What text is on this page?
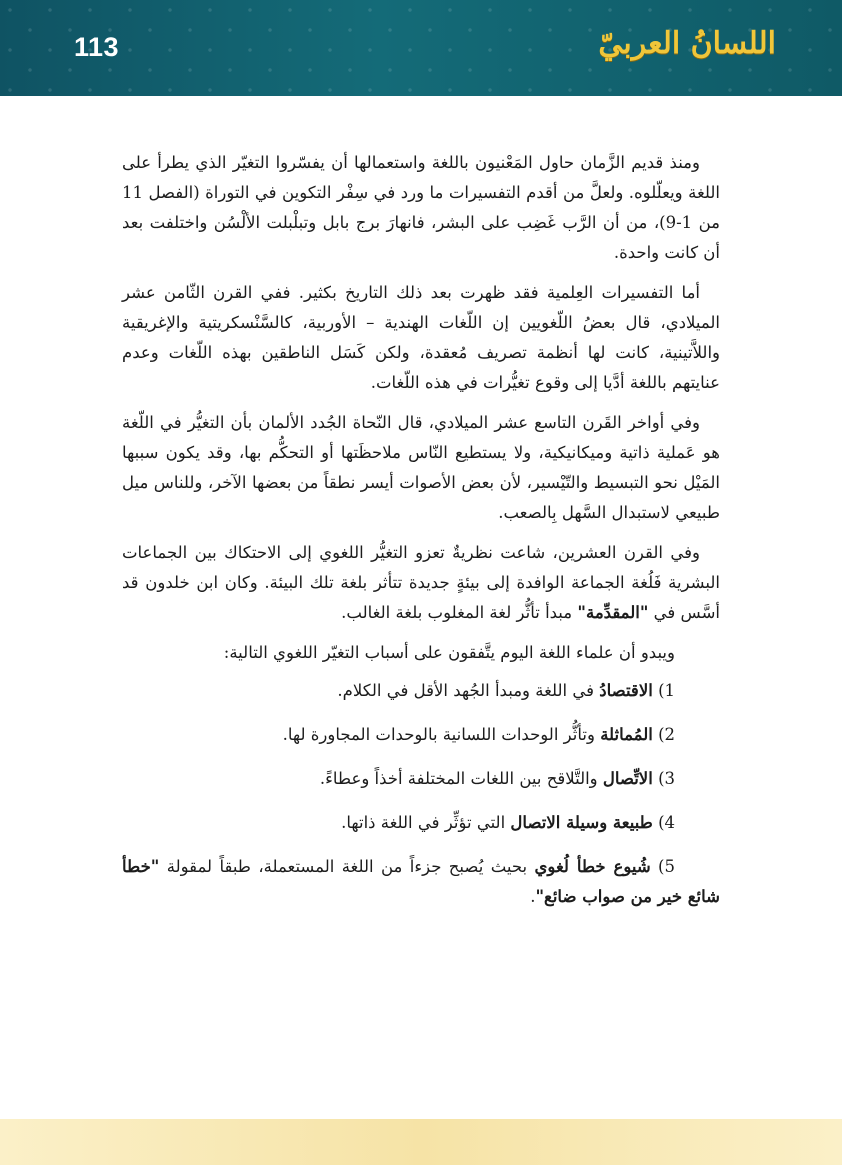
113	اللسانُ العربيّ

ومنذ قديم الزَّمان حاول المَعْنيون باللغة واستعمالها أن يفسّروا التغيّر الذي يطرأ على اللغة ويعلّلوه. ولعلَّ من أقدم التفسيرات ما ورد في سِفْر التكوين في التوراة (الفصل 11 من 1-9)، من أن الرَّب غَضِب على البشر، فانهارَ برج بابل وتبلْبلت الألْسُن واختلفت بعد أن كانت واحدة.

أما التفسيرات العِلمية فقد ظهرت بعد ذلك التاريخ بكثير. ففي القرن الثّامن عشر الميلادي، قال بعضُ اللّغويين إن اللّغات الهندية – الأوربية، كالسَّنْسكريتية والإغريقية واللاَّتينية، كانت لها أنظمة تصريف مُعقدة، ولكن كَسَل الناطقين بهذه اللّغات وعدم عنايتهم باللغة أدَّيا إلى وقوع تغيُّرات في هذه اللّغات.

وفي أواخر القَرن التاسع عشر الميلادي، قال النّحاة الجُدد الألمان بأن التغيُّر في اللّغة هو عَملية ذاتية وميكانيكية، ولا يستطيع النّاس ملاحظَتها أو التحكُّم بها، وقد يكون سببها المَيْل نحو التبسيط والتّيْسير، لأن بعض الأصوات أيسر نطقاً من بعضها الآخر، وللناس ميل طبيعي لاستبدال السَّهل بِالصعب.

وفي القرن العشرين، شاعت نظريةٌ تعزو التغيُّر اللغوي إلى الاحتكاك بين الجماعات البشرية فَلُغة الجماعة الوافدة إلى بيئةٍ جديدة تتأثر بلغة تلك البيئة. وكان ابن خلدون قد أسَّس في "المقدِّمة" مبدأ تأثُّر لغة المغلوب بلغة الغالب.

ويبدو أن علماء اللغة اليوم يتَّفقون على أسباب التغيّر اللغوي التالية:

1) الاقتصادُ في اللغة ومبدأ الجُهد الأقل في الكلام.

2) المُماثلة وتأثُّر الوحدات اللسانية بالوحدات المجاورة لها.

3) الاتِّصال والتَّلاقح بين اللغات المختلفة أخذاً وعطاءً.

4) طبيعة وسيلة الاتصال التي تؤثِّر في اللغة ذاتها.

5) شُيوع خطأ لُغوي بحيث يُصبح جزءاً من اللغة المستعملة، طبقاً لمقولة "خطأ شائع خير من صواب ضائع".
